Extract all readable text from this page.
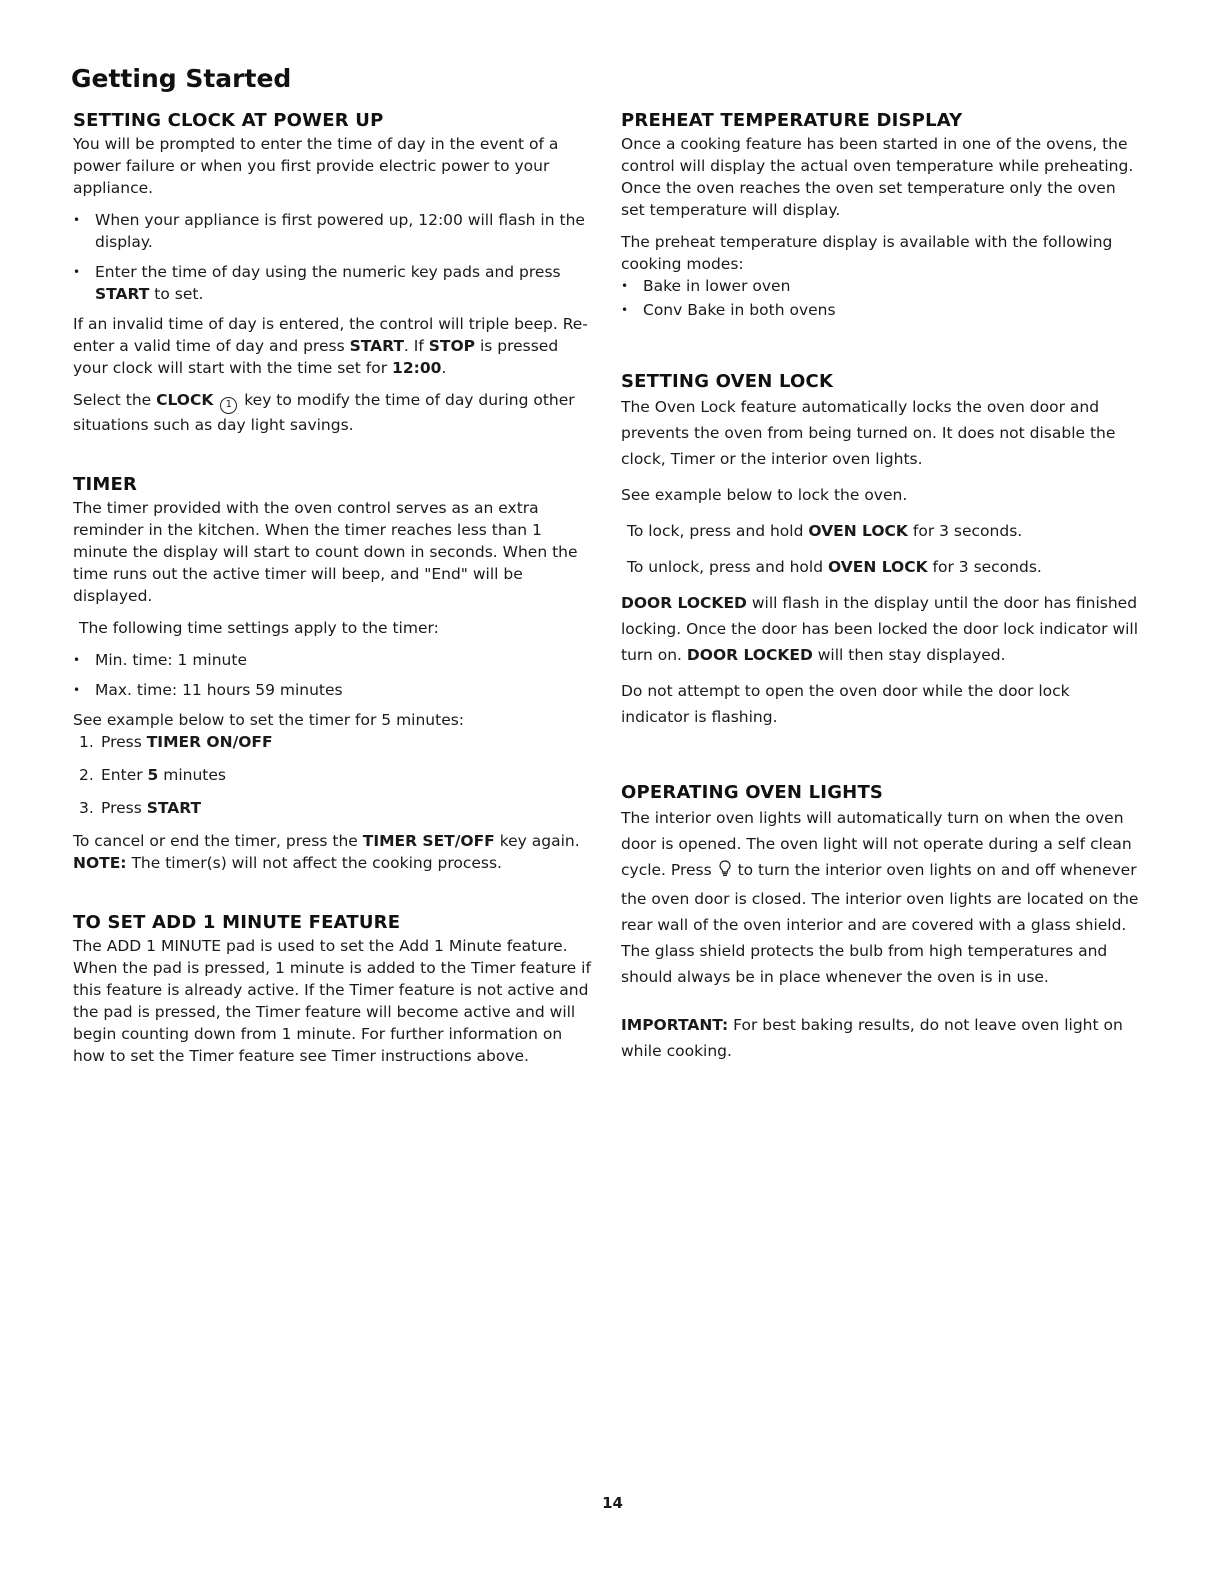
Getting Started
SETTING CLOCK AT POWER UP

You will be prompted to enter the time of day in the event of a power failure or when you first provide electric power to your appliance.

• When your appliance is first powered up, 12:00 will flash in the display.
• Enter the time of day using the numeric key pads and press START to set.

If an invalid time of day is entered, the control will triple beep. Re-enter a valid time of day and press START. If STOP is pressed your clock will start with the time set for 12:00.

Select the CLOCK 1 key to modify the time of day during other situations such as day light savings.

TIMER

The timer provided with the oven control serves as an extra reminder in the kitchen. When the timer reaches less than 1 minute the display will start to count down in seconds. When the time runs out the active timer will beep, and "End" will be displayed.

The following time settings apply to the timer:

• Min. time: 1 minute
• Max. time: 11 hours 59 minutes

See example below to set the timer for 5 minutes:

1. Press TIMER ON/OFF
2. Enter 5 minutes
3. Press START

To cancel or end the timer, press the TIMER SET/OFF key again.

NOTE: The timer(s) will not affect the cooking process.

TO SET ADD 1 MINUTE FEATURE

The ADD 1 MINUTE pad is used to set the Add 1 Minute feature. When the pad is pressed, 1 minute is added to the Timer feature if this feature is already active. If the Timer feature is not active and the pad is pressed, the Timer feature will become active and will begin counting down from 1 minute. For further information on how to set the Timer feature see Timer instructions above.

PREHEAT TEMPERATURE DISPLAY

Once a cooking feature has been started in one of the ovens, the control will display the actual oven temperature while preheating. Once the oven reaches the oven set temperature only the oven set temperature will display.

The preheat temperature display is available with the following cooking modes:

• Bake in lower oven
• Conv Bake in both ovens
SETTING OVEN LOCK

The Oven Lock feature automatically locks the oven door and prevents the oven from being turned on. It does not disable the clock, Timer or the interior oven lights.

See example below to lock the oven.

To lock, press and hold OVEN LOCK for 3 seconds.

To unlock, press and hold OVEN LOCK for 3 seconds.

DOOR LOCKED will flash in the display until the door has finished locking. Once the door has been locked the door lock indicator will turn on. DOOR LOCKED will then stay displayed.

Do not attempt to open the oven door while the door lock indicator is flashing.

OPERATING OVEN LIGHTS

The interior oven lights will automatically turn on when the oven door is opened. The oven light will not operate during a self clean cycle. Press  to turn the interior oven lights on and off whenever the oven door is closed. The interior oven lights are located on the rear wall of the oven interior and are covered with a glass shield. The glass shield protects the bulb from high temperatures and should always be in place whenever the oven is in use.

IMPORTANT: For best baking results, do not leave oven light on while cooking.

14
